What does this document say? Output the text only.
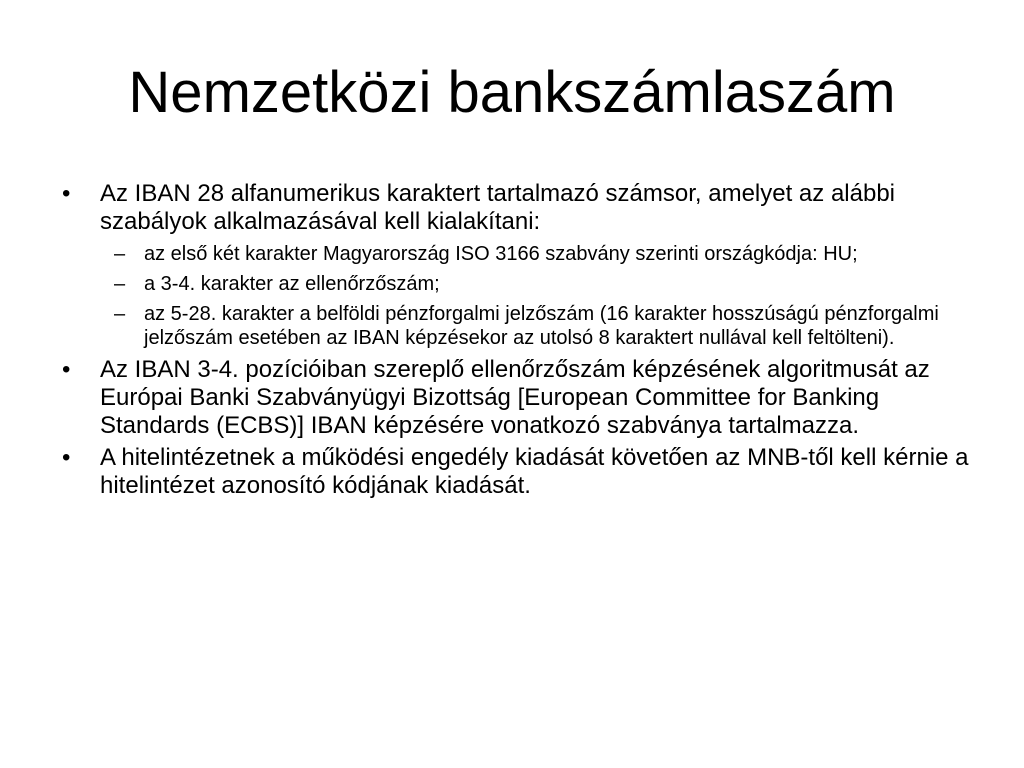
Nemzetközi bankszámlaszám
•	Az IBAN 28 alfanumerikus karaktert tartalmazó számsor, amelyet az alábbi szabályok alkalmazásával kell kialakítani:
– az első két karakter Magyarország ISO 3166 szabvány szerinti országkódja: HU;
– a 3-4. karakter az ellenőrzőszám;
– az 5-28. karakter a belföldi pénzforgalmi jelzőszám (16 karakter hosszúságú pénzforgalmi jelzőszám esetében az IBAN képzésekor az utolsó 8 karaktert nullával kell feltölteni).
•	Az IBAN 3-4. pozícióiban szereplő ellenőrzőszám képzésének algoritmusát az Európai Banki Szabványügyi Bizottság [European Committee for Banking Standards (ECBS)] IBAN képzésére vonatkozó szabványa tartalmazza.
•	A hitelintézetnek a működési engedély kiadását követően az MNB-től kell kérnie a hitelintézet azonosító kódjának kiadását.
